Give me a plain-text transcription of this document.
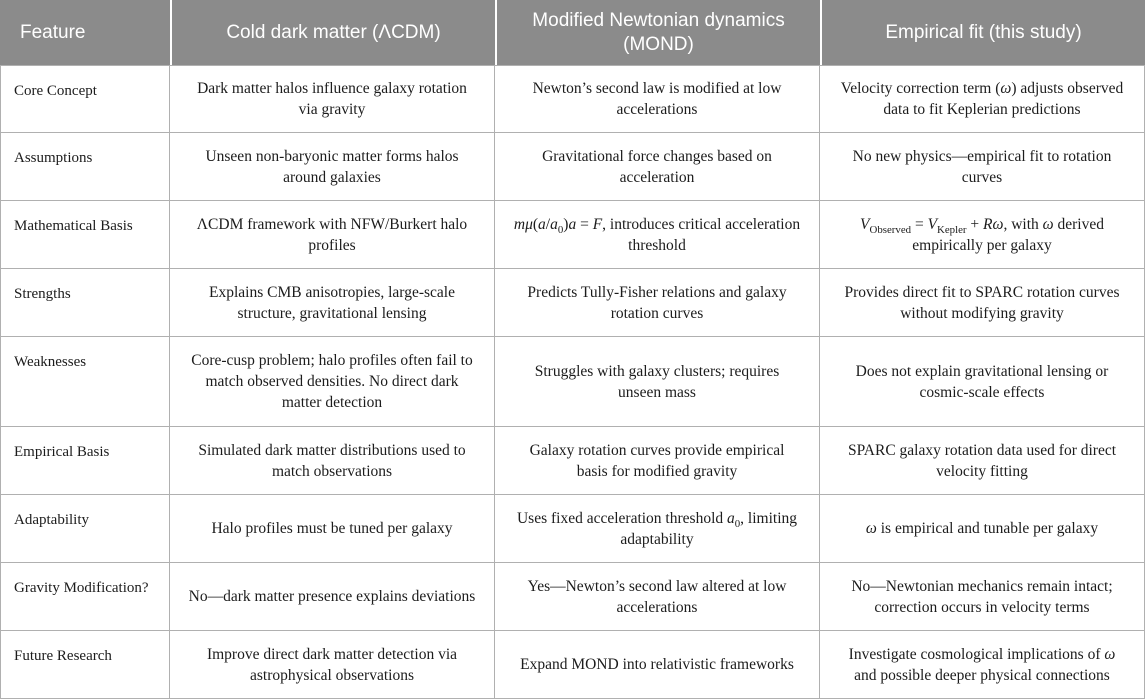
Feature	Cold dark matter (ΛCDM)	Modified Newtonian dynamics (MOND)	Empirical fit (this study)
Core Concept	Dark matter halos influence galaxy rotation via gravity	Newton’s second law is modified at low accelerations	Velocity correction term (ω) adjusts observed data to fit Keplerian predictions
Assumptions	Unseen non-baryonic matter forms halos around galaxies	Gravitational force changes based on acceleration	No new physics—empirical fit to rotation curves
Mathematical Basis	ΛCDM framework with NFW/Burkert halo profiles	$m\mu(a/a_0)a = F$, introduces critical acceleration threshold	$V_{Observed} = V_{Kepler} + R\omega$, with ω derived empirically per galaxy
Strengths	Explains CMB anisotropies, large-scale structure, gravitational lensing	Predicts Tully-Fisher relations and galaxy rotation curves	Provides direct fit to SPARC rotation curves without modifying gravity
Weaknesses	Core-cusp problem; halo profiles often fail to match observed densities. No direct dark matter detection	Struggles with galaxy clusters; requires unseen mass	Does not explain gravitational lensing or cosmic-scale effects
Empirical Basis	Simulated dark matter distributions used to match observations	Galaxy rotation curves provide empirical basis for modified gravity	SPARC galaxy rotation data used for direct velocity fitting
Adaptability	Halo profiles must be tuned per galaxy	Uses fixed acceleration threshold $a_0$, limiting adaptability	ω is empirical and tunable per galaxy
Gravity Modification?	No—dark matter presence explains deviations	Yes—Newton’s second law altered at low accelerations	No—Newtonian mechanics remain intact; correction occurs in velocity terms
Future Research	Improve direct dark matter detection via astrophysical observations	Expand MOND into relativistic frameworks	Investigate cosmological implications of ω and possible deeper physical connections
